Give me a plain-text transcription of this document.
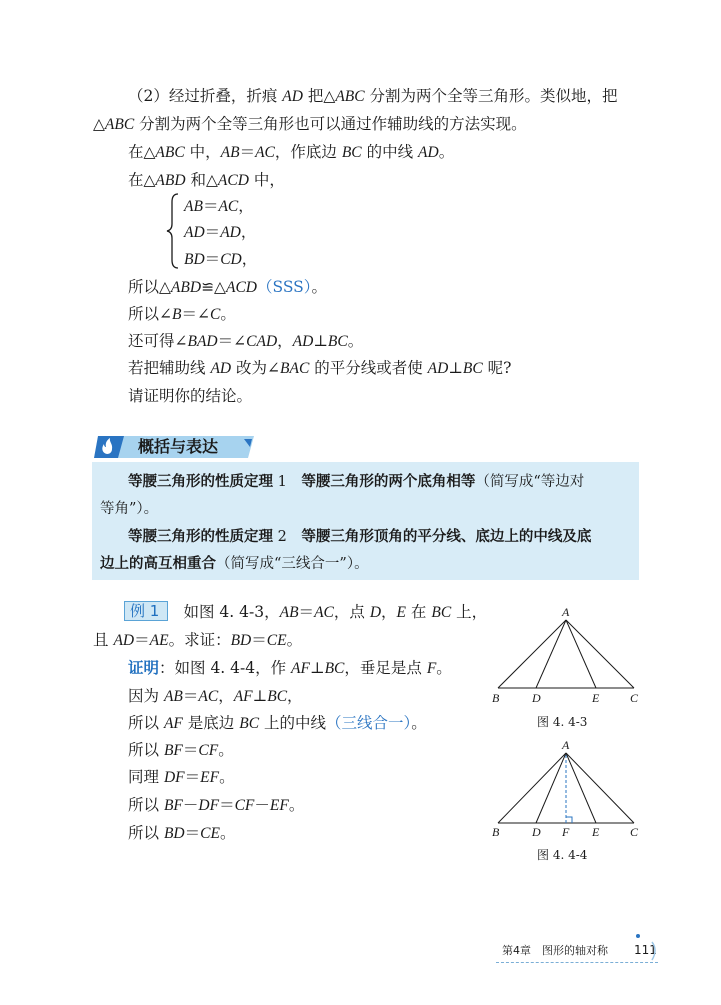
（2）经过折叠，折痕 AD 把△ABC 分割为两个全等三角形。类似地，把
△ABC 分割为两个全等三角形也可以通过作辅助线的方法实现。
在△ABC 中，AB＝AC，作底边 BC 的中线 AD。
在△ABD 和△ACD 中，
AB＝AC，
AD＝AD，
BD＝CD，
所以△ABD≌△ACD（SSS）。
所以∠B＝∠C。
还可得∠BAD＝∠CAD，AD⊥BC。
若把辅助线 AD 改为∠BAC 的平分线或者使 AD⊥BC 呢?
请证明你的结论。
概括与表达
等腰三角形的性质定理 1　等腰三角形的两个底角相等（简写成“等边对
等角”）。
等腰三角形的性质定理 2　等腰三角形顶角的平分线、底边上的中线及底
边上的高互相重合（简写成“三线合一”）。
例 1 　如图 4. 4-3，AB＝AC，点 D，E 在 BC 上，
且 AD＝AE。求证：BD＝CE。
证明：如图 4. 4-4，作 AF⊥BC，垂足是点 F。
因为 AB＝AC，AF⊥BC，
所以 AF 是底边 BC 上的中线（三线合一）。
所以 BF＝CF。
同理 DF＝EF。
所以 BF－DF＝CF－EF。
所以 BD＝CE。
A
B	D	E	C
图 4. 4-3
A
B	D F E	C
图 4. 4-4
第4章　图形的轴对称 111
